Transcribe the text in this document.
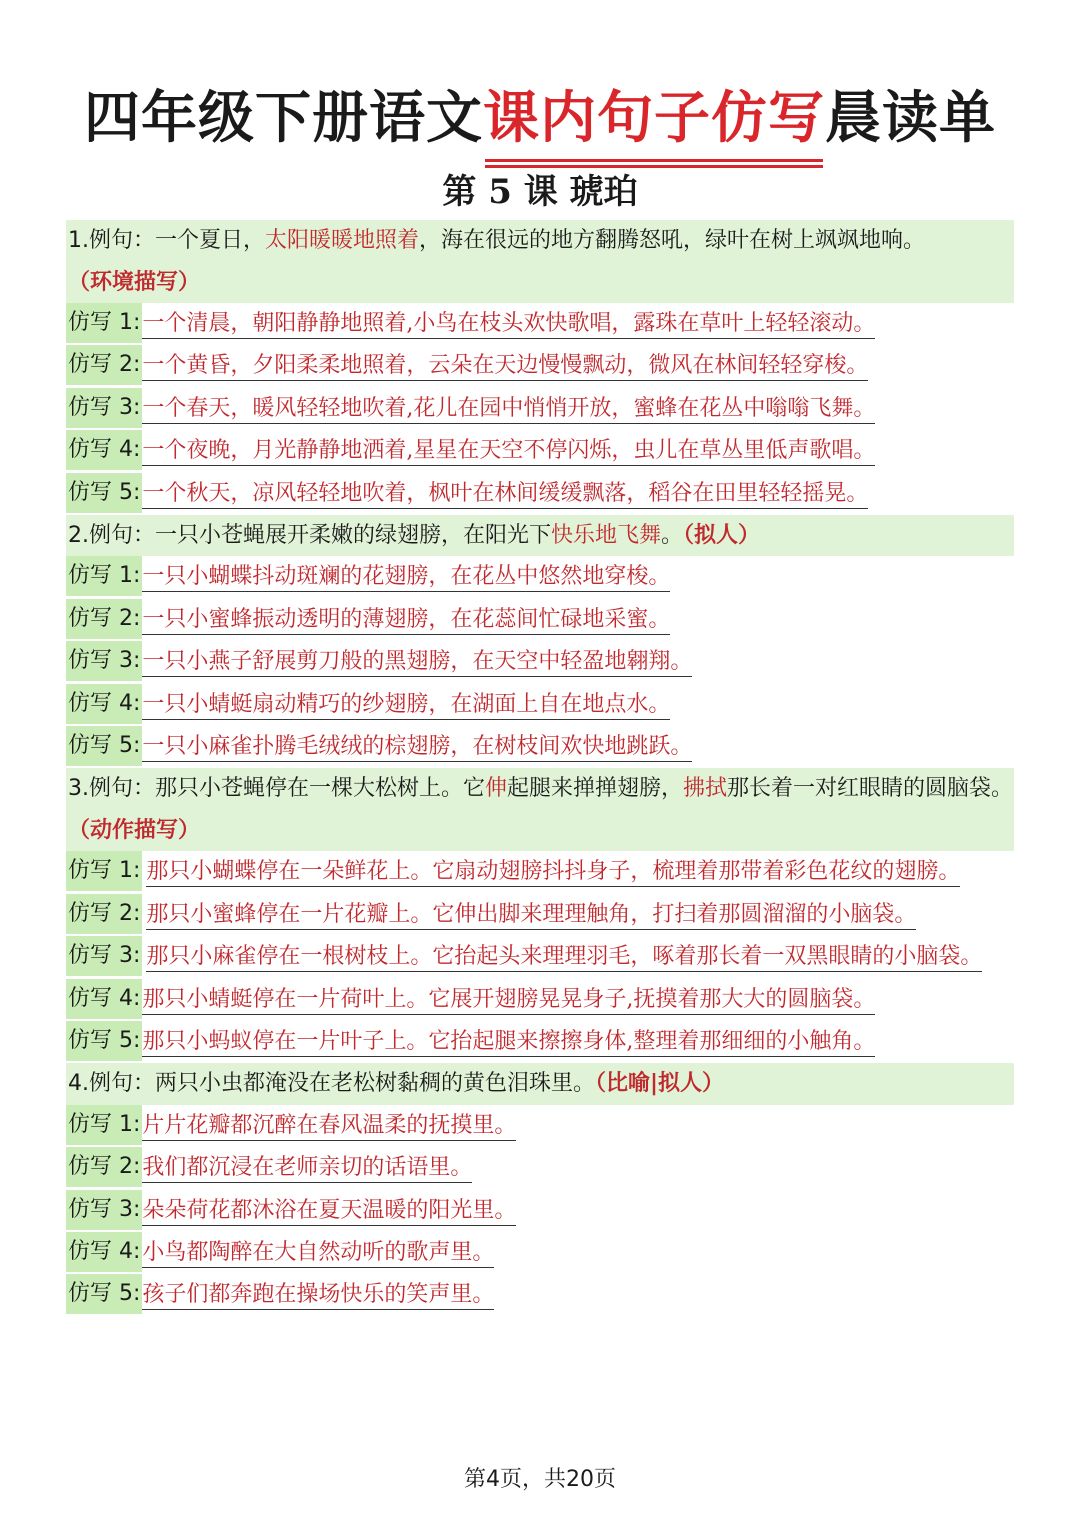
四年级下册语文课内句子仿写晨读单
第 5 课 琥珀
1.例句：一个夏日，太阳暖暖地照着，海在很远的地方翻腾怒吼，绿叶在树上飒飒地响。
（环境描写）
仿写 1:一个清晨，朝阳静静地照着,小鸟在枝头欢快歌唱，露珠在草叶上轻轻滚动。
仿写 2:一个黄昏，夕阳柔柔地照着，云朵在天边慢慢飘动，微风在林间轻轻穿梭。
仿写 3:一个春天，暖风轻轻地吹着,花儿在园中悄悄开放，蜜蜂在花丛中嗡嗡飞舞。
仿写 4:一个夜晚，月光静静地洒着,星星在天空不停闪烁，虫儿在草丛里低声歌唱。
仿写 5:一个秋天，凉风轻轻地吹着，枫叶在林间缓缓飘落，稻谷在田里轻轻摇晃。
2.例句：一只小苍蝇展开柔嫩的绿翅膀，在阳光下快乐地飞舞。（拟人）
仿写 1:一只小蝴蝶抖动斑斓的花翅膀，在花丛中悠然地穿梭。
仿写 2:一只小蜜蜂振动透明的薄翅膀，在花蕊间忙碌地采蜜。
仿写 3:一只小燕子舒展剪刀般的黑翅膀，在天空中轻盈地翱翔。
仿写 4:一只小蜻蜓扇动精巧的纱翅膀，在湖面上自在地点水。
仿写 5:一只小麻雀扑腾毛绒绒的棕翅膀，在树枝间欢快地跳跃。
3.例句：那只小苍蝇停在一棵大松树上。它伸起腿来掸掸翅膀，拂拭那长着一对红眼睛的圆脑袋。（动作描写）
仿写 1: 那只小蝴蝶停在一朵鲜花上。它扇动翅膀抖抖身子，梳理着那带着彩色花纹的翅膀。
仿写 2: 那只小蜜蜂停在一片花瓣上。它伸出脚来理理触角，打扫着那圆溜溜的小脑袋。
仿写 3: 那只小麻雀停在一根树枝上。它抬起头来理理羽毛，啄着那长着一双黑眼睛的小脑袋。
仿写 4:那只小蜻蜓停在一片荷叶上。它展开翅膀晃晃身子,抚摸着那大大的圆脑袋。
仿写 5:那只小蚂蚁停在一片叶子上。它抬起腿来擦擦身体,整理着那细细的小触角。
4.例句：两只小虫都淹没在老松树黏稠的黄色泪珠里。（比喻|拟人）
仿写 1:片片花瓣都沉醉在春风温柔的抚摸里。
仿写 2:我们都沉浸在老师亲切的话语里。
仿写 3:朵朵荷花都沐浴在夏天温暖的阳光里。
仿写 4:小鸟都陶醉在大自然动听的歌声里。
仿写 5:孩子们都奔跑在操场快乐的笑声里。
第4页，共20页
